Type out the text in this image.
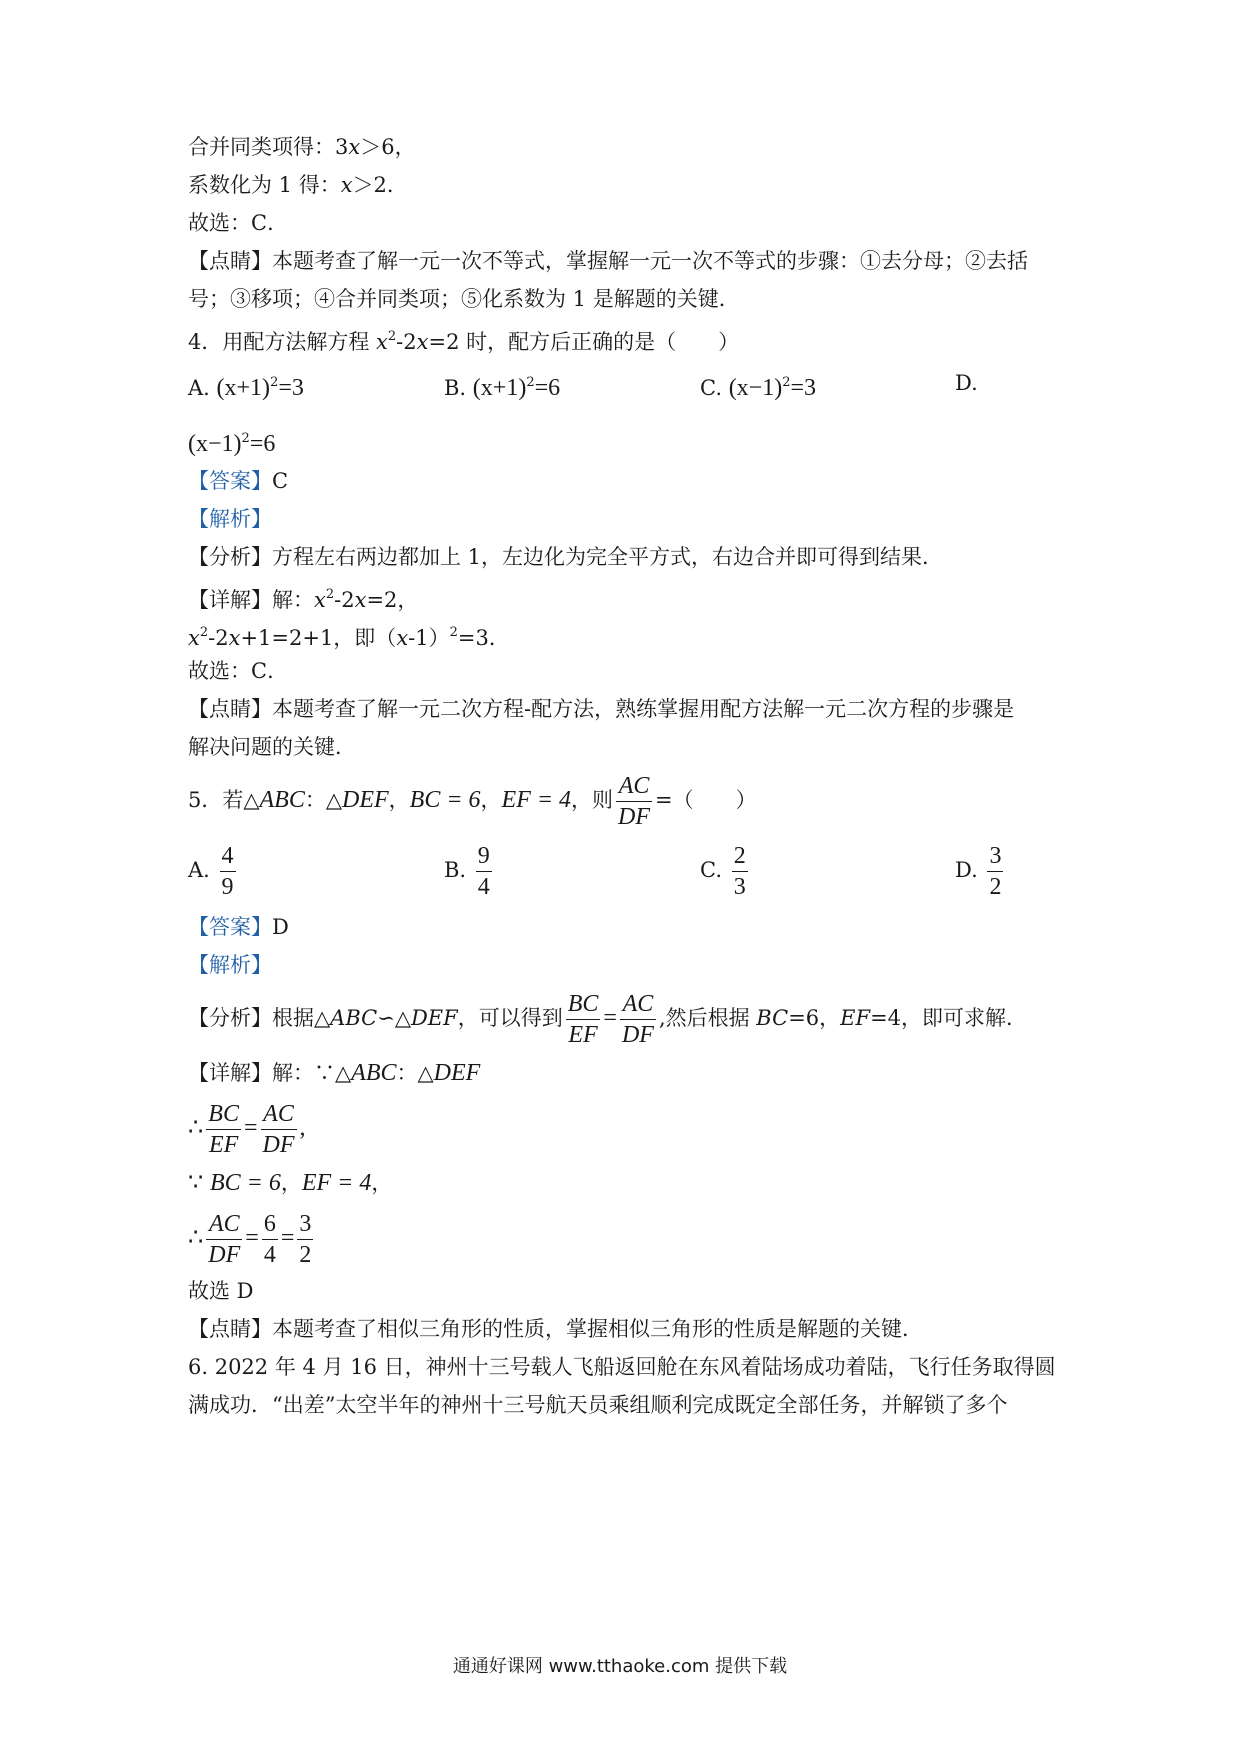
合并同类项得：3x＞6，
系数化为 1 得：x＞2．
故选：C．
【点睛】本题考查了解一元一次不等式，掌握解一元一次不等式的步骤：①去分母；②去括
号；③移项；④合并同类项；⑤化系数为 1 是解题的关键．
4．用配方法解方程 $x^2-2x=2$ 时，配方后正确的是（　　）
A. $(x+1)^2=3$	B. $(x+1)^2=6$	C. $(x-1)^2=3$	D.
$(x-1)^2=6$
【答案】C
【解析】
【分析】方程左右两边都加上 1，左边化为完全平方式，右边合并即可得到结果．
【详解】解：$x^2-2x=2$，
$x^2-2x+1=2+1$，即$(x-1)^2=3$．
故选：C．
【点睛】本题考查了解一元二次方程-配方法，熟练掌握用配方法解一元二次方程的步骤是
解决问题的关键．
5．若△ABC：△DEF，BC = 6，EF = 4，则 $\frac{AC}{DF}$ =（　　）
A. $\frac{4}{9}$	B. $\frac{9}{4}$	C. $\frac{2}{3}$	D. $\frac{3}{2}$
【答案】D
【解析】
【分析】根据△ABC∽△DEF，可以得到 $\frac{BC}{EF} = \frac{AC}{DF}$ ,然后根据 BC=6，EF=4，即可求解．
【详解】解：∵△ABC：△DEF
∴ $\frac{BC}{EF} = \frac{AC}{DF}$ ,
∵ BC = 6，EF = 4，
∴ $\frac{AC}{DF} = \frac{6}{4} = \frac{3}{2}$
故选 D
【点睛】本题考查了相似三角形的性质，掌握相似三角形的性质是解题的关键．
6. 2022 年 4 月 16 日，神州十三号载人飞船返回舱在东风着陆场成功着陆，飞行任务取得圆
满成功．“出差”太空半年的神州十三号航天员乘组顺利完成既定全部任务，并解锁了多个
通通好课网 www.tthaoke.com 提供下载
